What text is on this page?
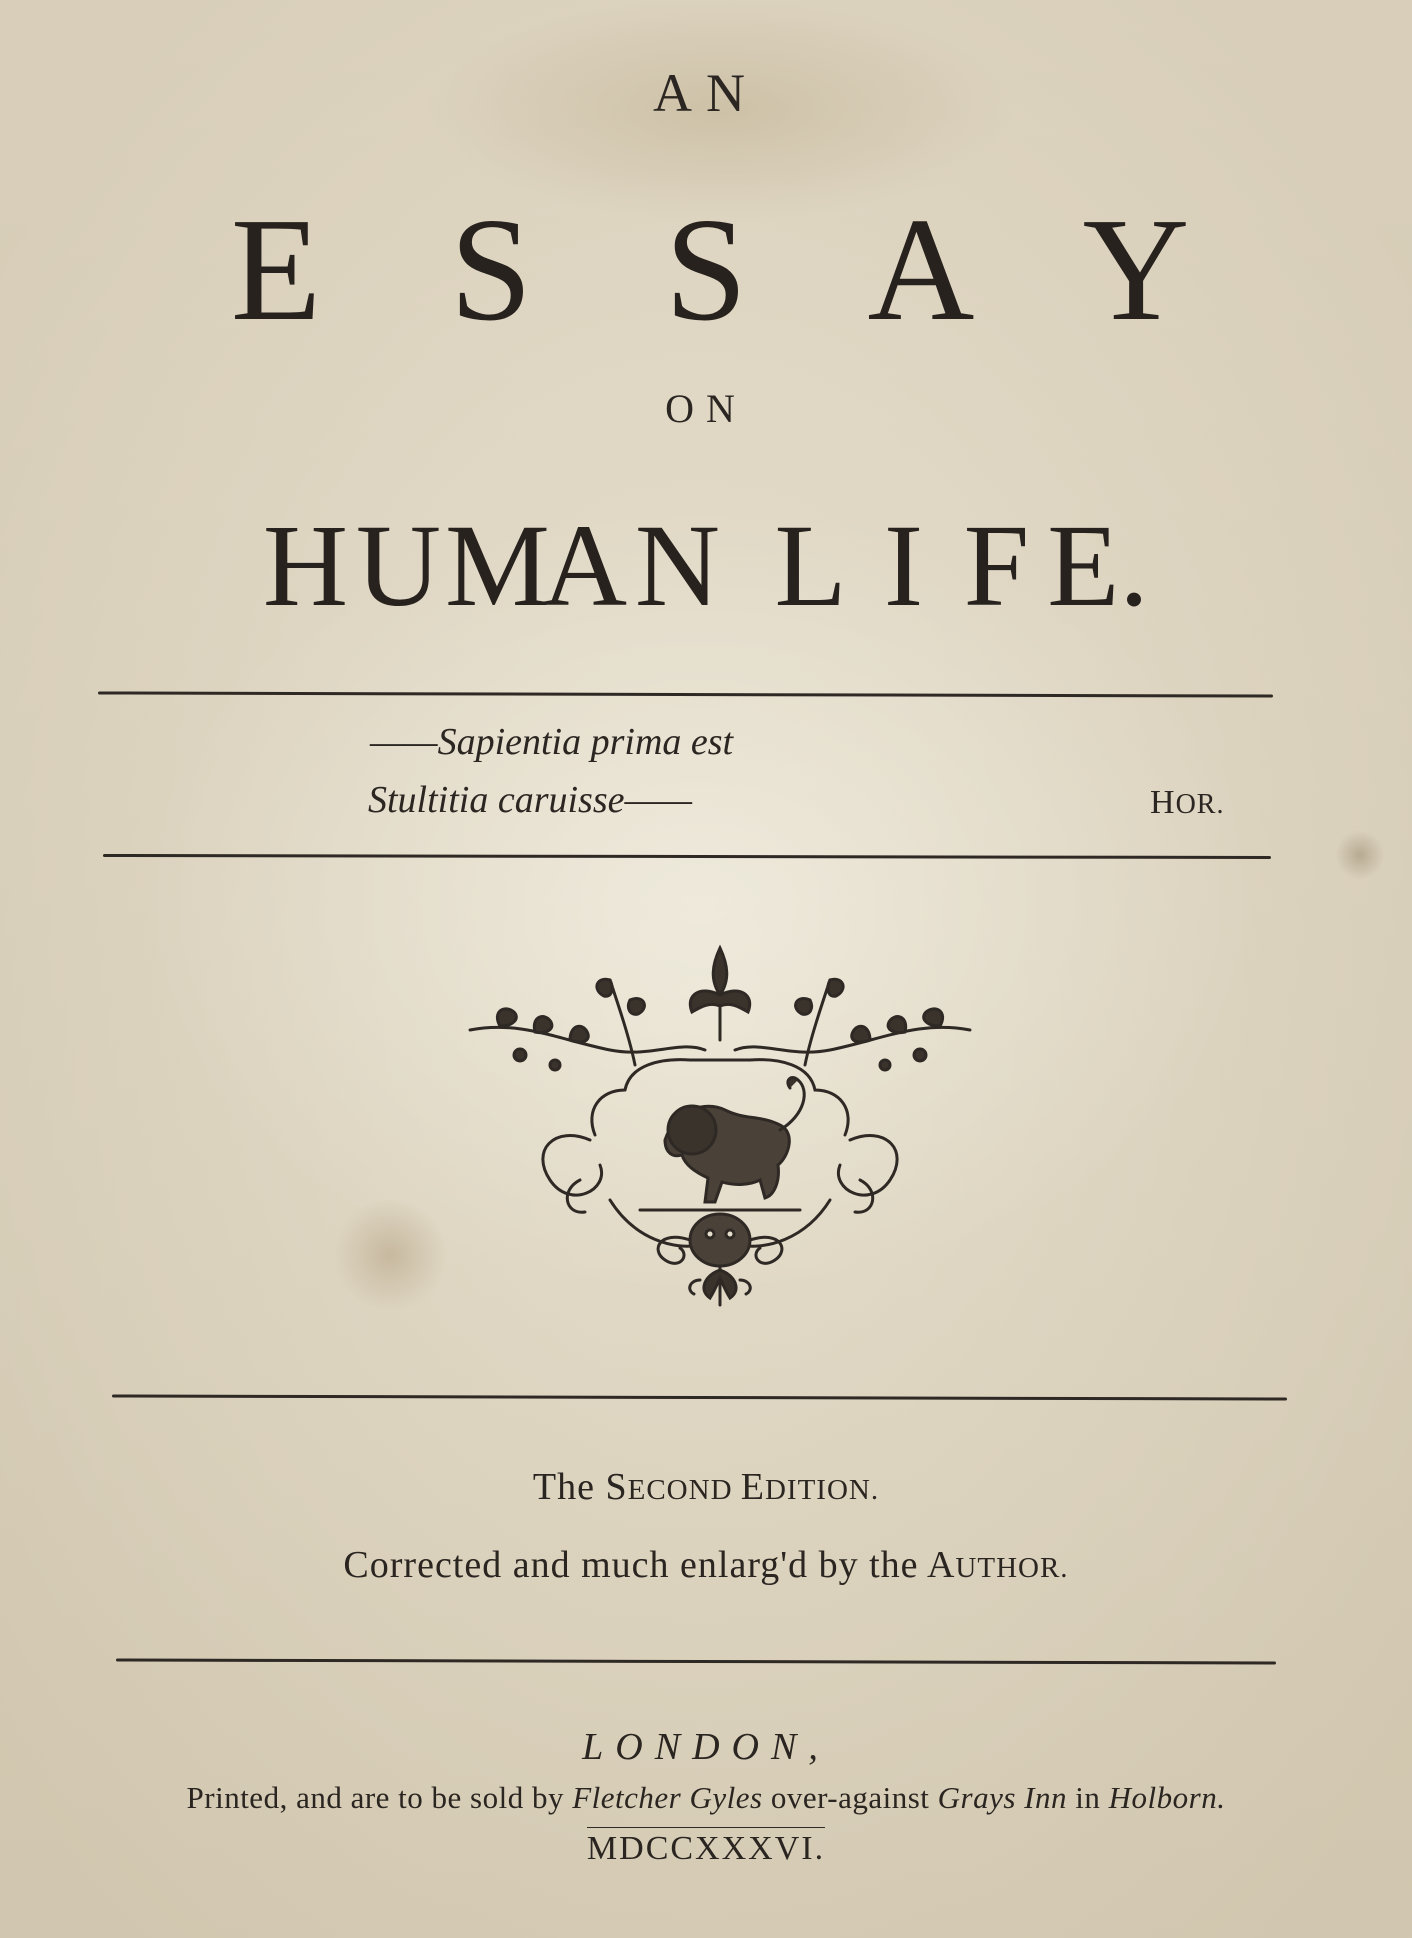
AN
E S S A Y
ON
HUMAN L I F E.
——Sapientia prima est
Stultitia caruisse——	HOR.
The SECOND EDITION.
Corrected and much enlarg'd by the AUTHOR.
LONDON,
Printed, and are to be sold by Fletcher Gyles over-against Grays Inn in Holborn.
MDCCXXXVI.
